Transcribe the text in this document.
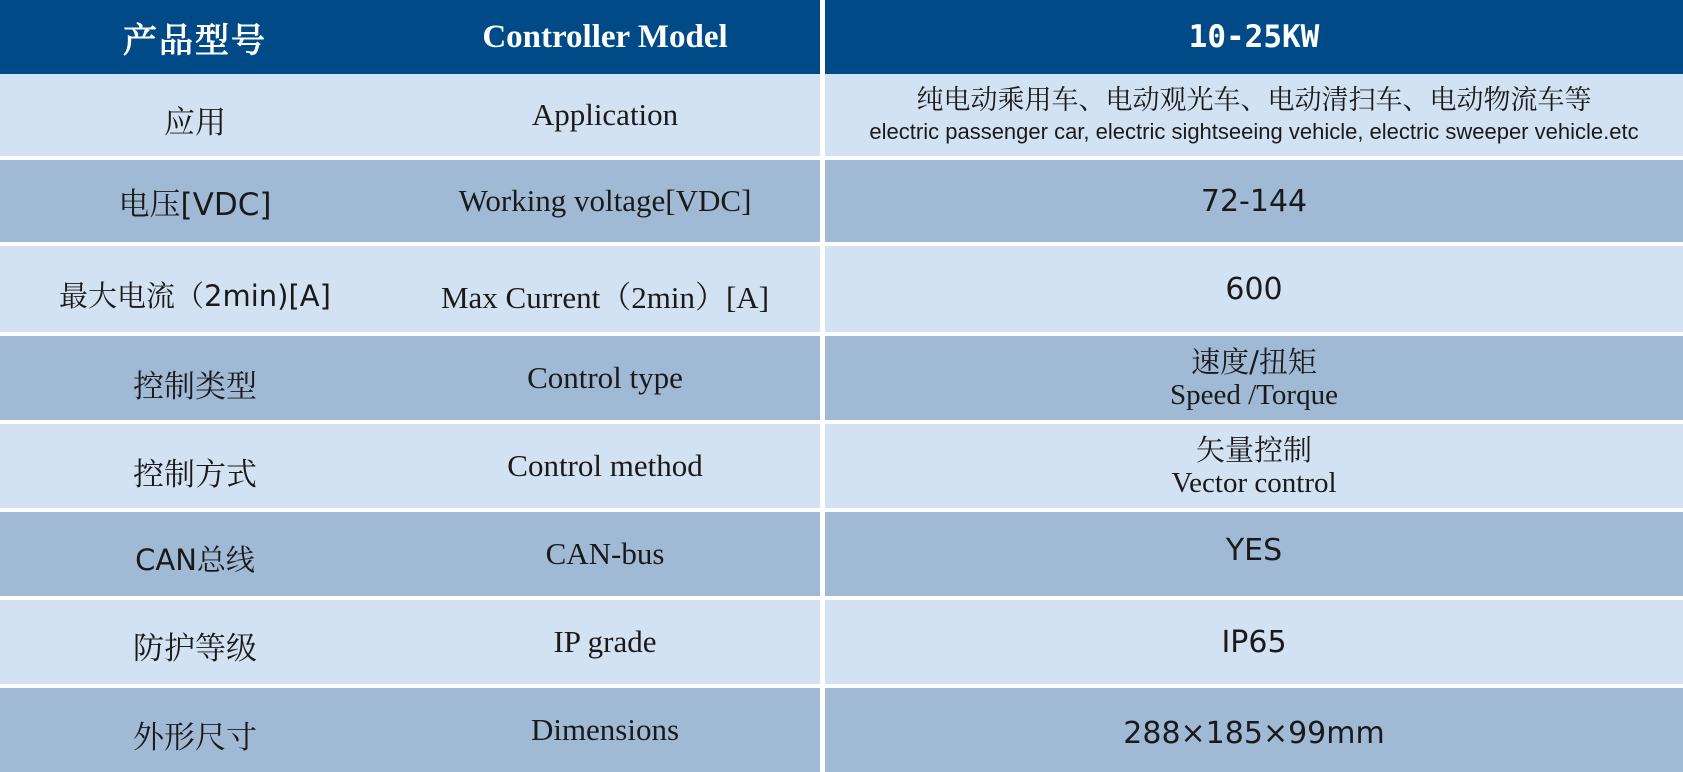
产品型号	Controller Model	10-25KW
应用	Application	纯电动乘用车、电动观光车、电动清扫车、电动物流车等
electric passenger car, electric sightseeing vehicle, electric sweeper vehicle.etc
电压[VDC]	Working voltage[VDC]	72-144
最大电流（2min)[A]	Max Current（2min）[A]	600
控制类型	Control type	速度/扭矩
Speed /Torque
控制方式	Control method	矢量控制
Vector control
CAN总线	CAN-bus	YES
防护等级	IP grade	IP65
外形尺寸	Dimensions	288×185×99mm
